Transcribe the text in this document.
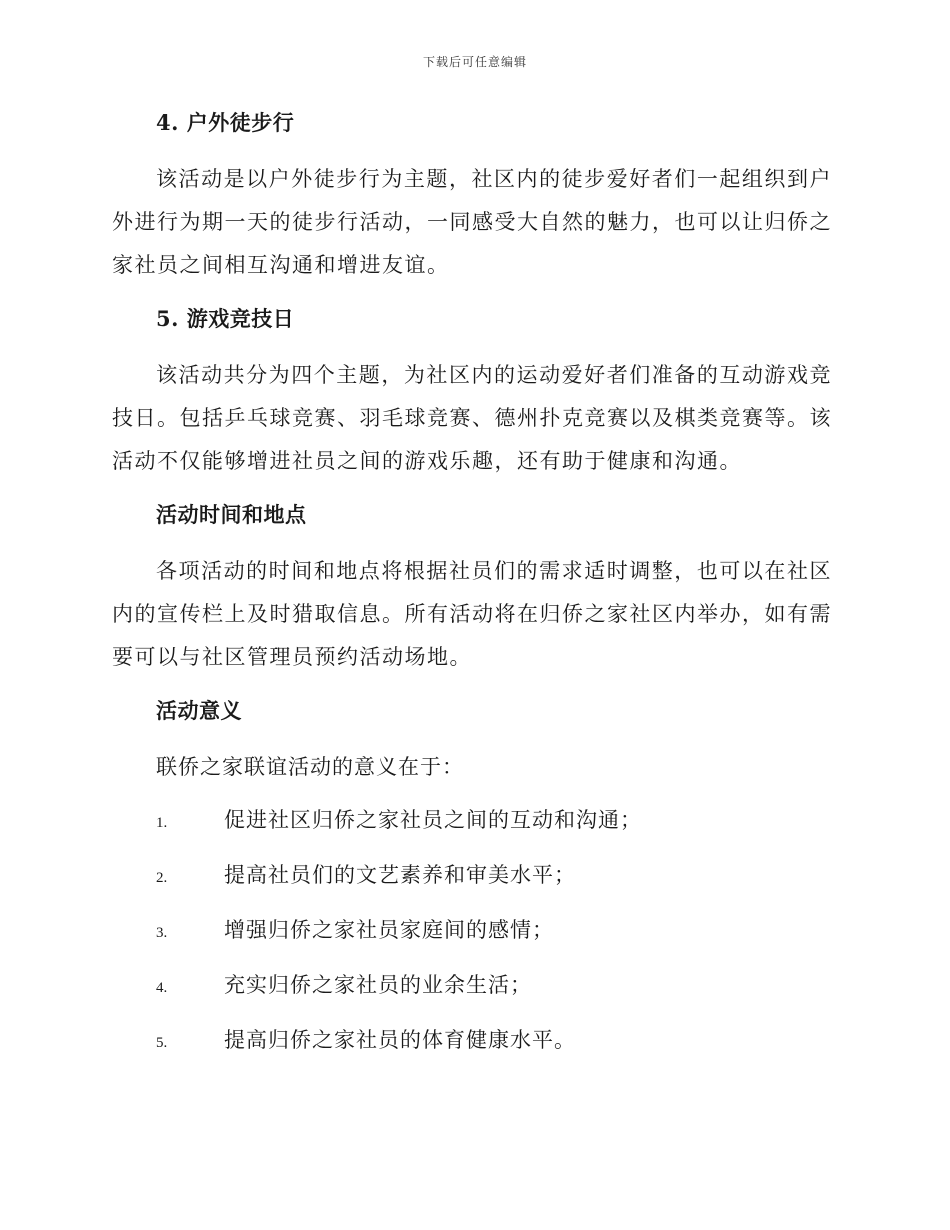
下载后可任意编辑
4. 户外徒步行

该活动是以户外徒步行为主题，社区内的徒步爱好者们一起组织到户外进行为期一天的徒步行活动，一同感受大自然的魅力，也可以让归侨之家社员之间相互沟通和增进友谊。

5. 游戏竞技日

该活动共分为四个主题，为社区内的运动爱好者们准备的互动游戏竞技日。包括乒乓球竞赛、羽毛球竞赛、德州扑克竞赛以及棋类竞赛等。该活动不仅能够增进社员之间的游戏乐趣，还有助于健康和沟通。

活动时间和地点

各项活动的时间和地点将根据社员们的需求适时调整，也可以在社区内的宣传栏上及时猎取信息。所有活动将在归侨之家社区内举办，如有需要可以与社区管理员预约活动场地。

活动意义

联侨之家联谊活动的意义在于：

1.	促进社区归侨之家社员之间的互动和沟通；
2.	提高社员们的文艺素养和审美水平；
3.	增强归侨之家社员家庭间的感情；
4.	充实归侨之家社员的业余生活；
5.	提高归侨之家社员的体育健康水平。
